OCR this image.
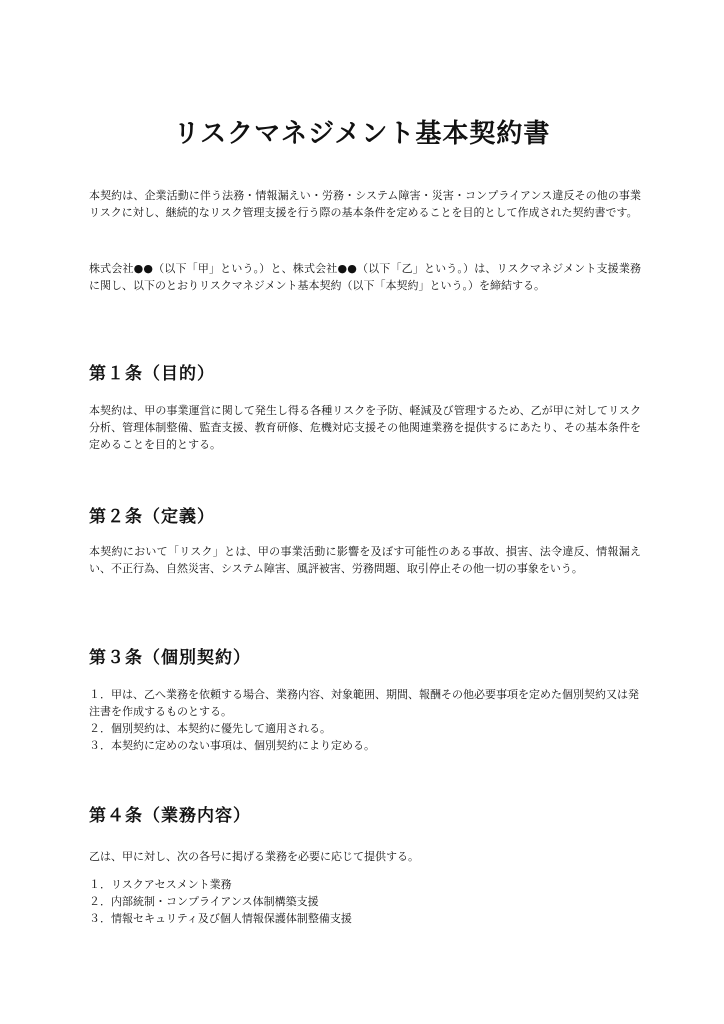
リスクマネジメント基本契約書

本契約は、企業活動に伴う法務・情報漏えい・労務・システム障害・災害・コンプライアンス違反その他の事業リスクに対し、継続的なリスク管理支援を行う際の基本条件を定めることを目的として作成された契約書です。

株式会社●●（以下「甲」という。）と、株式会社●●（以下「乙」という。）は、リスクマネジメント支援業務に関し、以下のとおりリスクマネジメント基本契約（以下「本契約」という。）を締結する。

第１条（目的）

本契約は、甲の事業運営に関して発生し得る各種リスクを予防、軽減及び管理するため、乙が甲に対してリスク分析、管理体制整備、監査支援、教育研修、危機対応支援その他関連業務を提供するにあたり、その基本条件を定めることを目的とする。

第２条（定義）

本契約において「リスク」とは、甲の事業活動に影響を及ぼす可能性のある事故、損害、法令違反、情報漏えい、不正行為、自然災害、システム障害、風評被害、労務問題、取引停止その他一切の事象をいう。

第３条（個別契約）
１．甲は、乙へ業務を依頼する場合、業務内容、対象範囲、期間、報酬その他必要事項を定めた個別契約又は発注書を作成するものとする。
２．個別契約は、本契約に優先して適用される。
３．本契約に定めのない事項は、個別契約により定める。
第４条（業務内容）

乙は、甲に対し、次の各号に掲げる業務を必要に応じて提供する。

１．リスクアセスメント業務
２．内部統制・コンプライアンス体制構築支援
３．情報セキュリティ及び個人情報保護体制整備支援
